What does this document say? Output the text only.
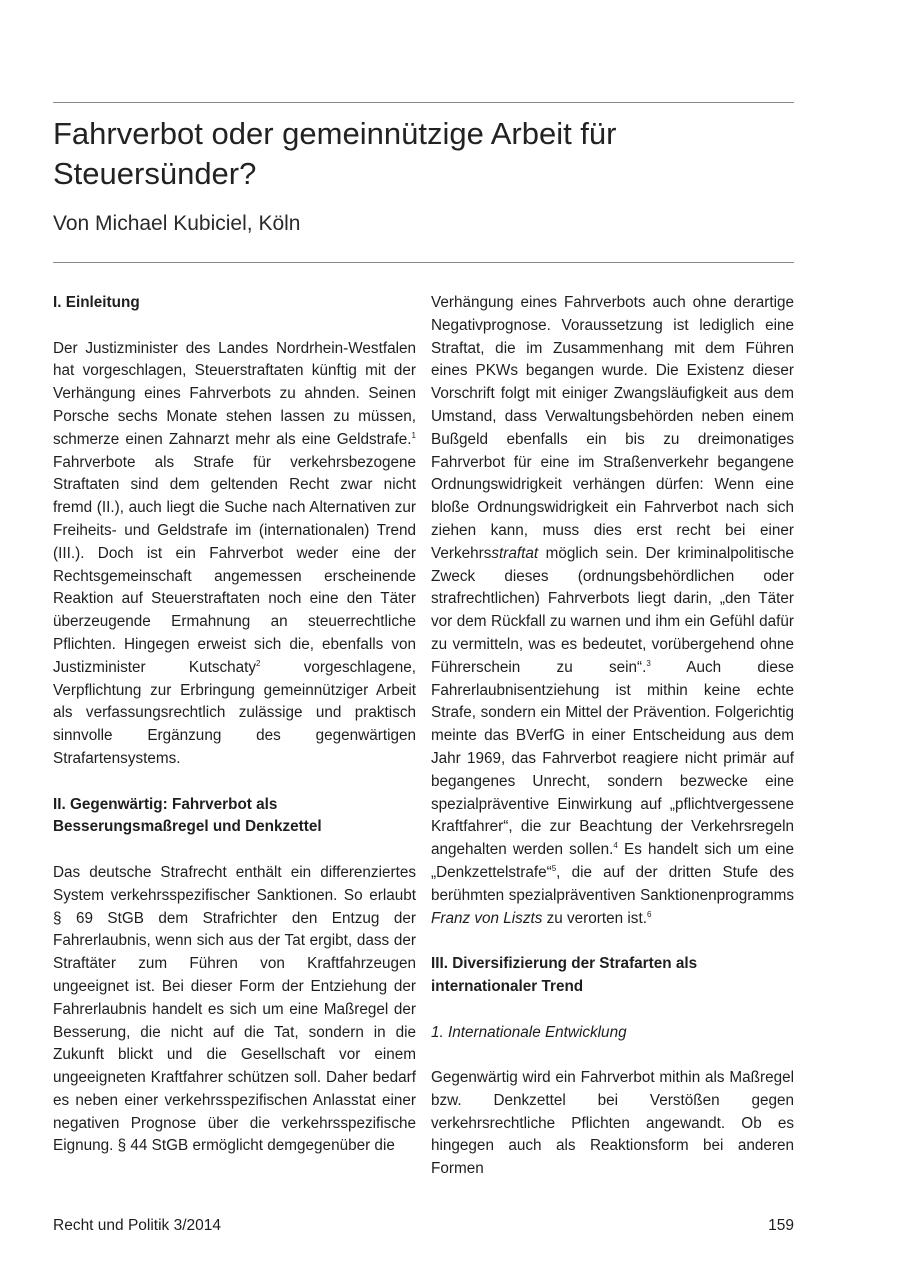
Fahrverbot oder gemeinnützige Arbeit für Steuersünder?
Von Michael Kubiciel, Köln
I. Einleitung

Der Justizminister des Landes Nordrhein-Westfalen hat vorgeschlagen, Steuerstraftaten künftig mit der Verhängung eines Fahrverbots zu ahnden. Seinen Porsche sechs Monate stehen lassen zu müssen, schmerze einen Zahnarzt mehr als eine Geldstrafe.$^1$ Fahrverbote als Strafe für verkehrsbezogene Straftaten sind dem geltenden Recht zwar nicht fremd (II.), auch liegt die Suche nach Alternativen zur Freiheits- und Geldstrafe im (internationalen) Trend (III.). Doch ist ein Fahrverbot weder eine der Rechtsgemeinschaft angemessen erscheinende Reaktion auf Steuerstraftaten noch eine den Täter überzeugende Ermahnung an steuerrechtliche Pflichten. Hingegen erweist sich die, ebenfalls von Justizminister Kutschaty$^2$ vorgeschlagene, Verpflichtung zur Erbringung gemeinnütziger Arbeit als verfassungsrechtlich zulässige und praktisch sinnvolle Ergänzung des gegenwärtigen Strafartensystems.

II. Gegenwärtig: Fahrverbot als
Besserungsmaßregel und Denkzettel

Das deutsche Strafrecht enthält ein differenziertes System verkehrsspezifischer Sanktionen. So erlaubt § 69 StGB dem Strafrichter den Entzug der Fahrerlaubnis, wenn sich aus der Tat ergibt, dass der Straftäter zum Führen von Kraftfahrzeugen ungeeignet ist. Bei dieser Form der Entziehung der Fahrerlaubnis handelt es sich um eine Maßregel der Besserung, die nicht auf die Tat, sondern in die Zukunft blickt und die Gesellschaft vor einem ungeeigneten Kraftfahrer schützen soll. Daher bedarf es neben einer verkehrsspezifischen Anlasstat einer negativen Prognose über die verkehrsspezifische Eignung. § 44 StGB ermöglicht demgegenüber die

Verhängung eines Fahrverbots auch ohne derartige Negativprognose. Voraussetzung ist lediglich eine Straftat, die im Zusammenhang mit dem Führen eines PKWs begangen wurde. Die Existenz dieser Vorschrift folgt mit einiger Zwangsläufigkeit aus dem Umstand, dass Verwaltungsbehörden neben einem Bußgeld ebenfalls ein bis zu dreimonatiges Fahrverbot für eine im Straßenverkehr begangene Ordnungswidrigkeit verhängen dürfen: Wenn eine bloße Ordnungswidrigkeit ein Fahrverbot nach sich ziehen kann, muss dies erst recht bei einer Verkehrsstraftat möglich sein. Der kriminalpolitische Zweck dieses (ordnungsbehördlichen oder strafrechtlichen) Fahrverbots liegt darin, „den Täter vor dem Rückfall zu warnen und ihm ein Gefühl dafür zu vermitteln, was es bedeutet, vorübergehend ohne Führerschein zu sein“.$^3$ Auch diese Fahrerlaubnisentziehung ist mithin keine echte Strafe, sondern ein Mittel der Prävention. Folgerichtig meinte das BVerfG in einer Entscheidung aus dem Jahr 1969, das Fahrverbot reagiere nicht primär auf begangenes Unrecht, sondern bezwecke eine spezialpräventive Einwirkung auf „pflichtvergessene Kraftfahrer“, die zur Beachtung der Verkehrsregeln angehalten werden sollen.$^4$ Es handelt sich um eine „Denkzettelstrafe“$^5$, die auf der dritten Stufe des berühmten spezialpräventiven Sanktionenprogramms Franz von Liszts zu verorten ist.$^6$

III. Diversifizierung der Strafarten als
internationaler Trend
1. Internationale Entwicklung

Gegenwärtig wird ein Fahrverbot mithin als Maßregel bzw. Denkzettel bei Verstößen gegen verkehrsrechtliche Pflichten angewandt. Ob es hingegen auch als Reaktionsform bei anderen Formen

Recht und Politik 3/2014	159
